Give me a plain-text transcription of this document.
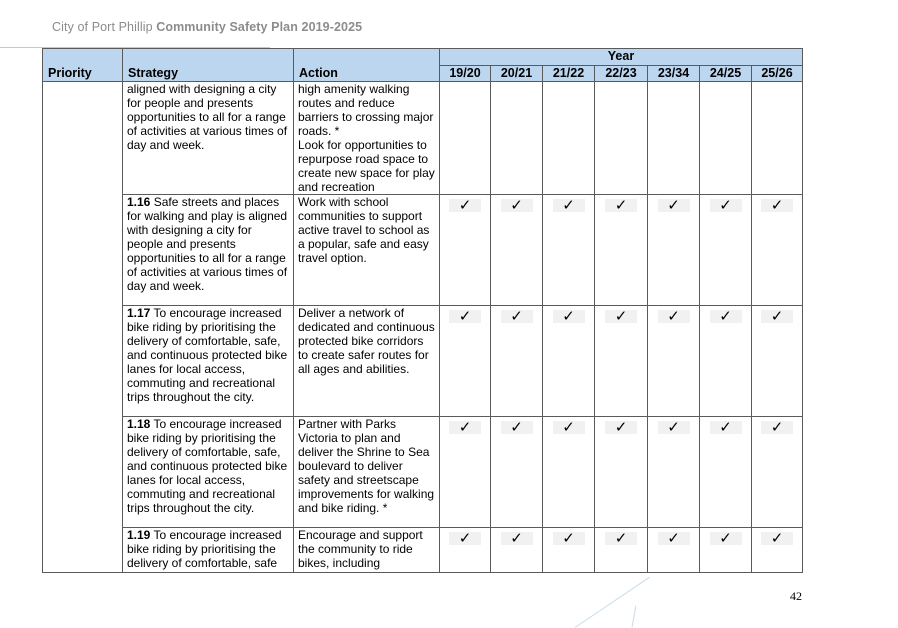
City of Port Phillip Community Safety Plan 2019-2025
Priority	Strategy	Action	Year						
			19/20	20/21	21/22	22/23	23/34	24/25	25/26

	aligned with designing a city for people and presents opportunities to all for a range of activities at various times of day and week.	high amenity walking routes and reduce barriers to crossing major roads. *
Look for opportunities to repurpose road space to create new space for play and recreation							

	1.16 Safe streets and places for walking and play is aligned with designing a city for people and presents opportunities to all for a range of activities at various times of day and week.	Work with school communities to support active travel to school as a popular, safe and easy travel option.	✓	✓	✓	✓	✓	✓	✓

	1.17 To encourage increased bike riding by prioritising the delivery of comfortable, safe, and continuous protected bike lanes for local access, commuting and recreational trips throughout the city.	Deliver a network of dedicated and continuous protected bike corridors to create safer routes for all ages and abilities.	✓	✓	✓	✓	✓	✓	✓

	1.18 To encourage increased bike riding by prioritising the delivery of comfortable, safe, and continuous protected bike lanes for local access, commuting and recreational trips throughout the city.	Partner with Parks Victoria to plan and deliver the Shrine to Sea boulevard to deliver safety and streetscape improvements for walking and bike riding. *	✓	✓	✓	✓	✓	✓	✓

	1.19 To encourage increased bike riding by prioritising the delivery of comfortable, safe	Encourage and support the community to ride bikes, including	✓	✓	✓	✓	✓	✓	✓
42
